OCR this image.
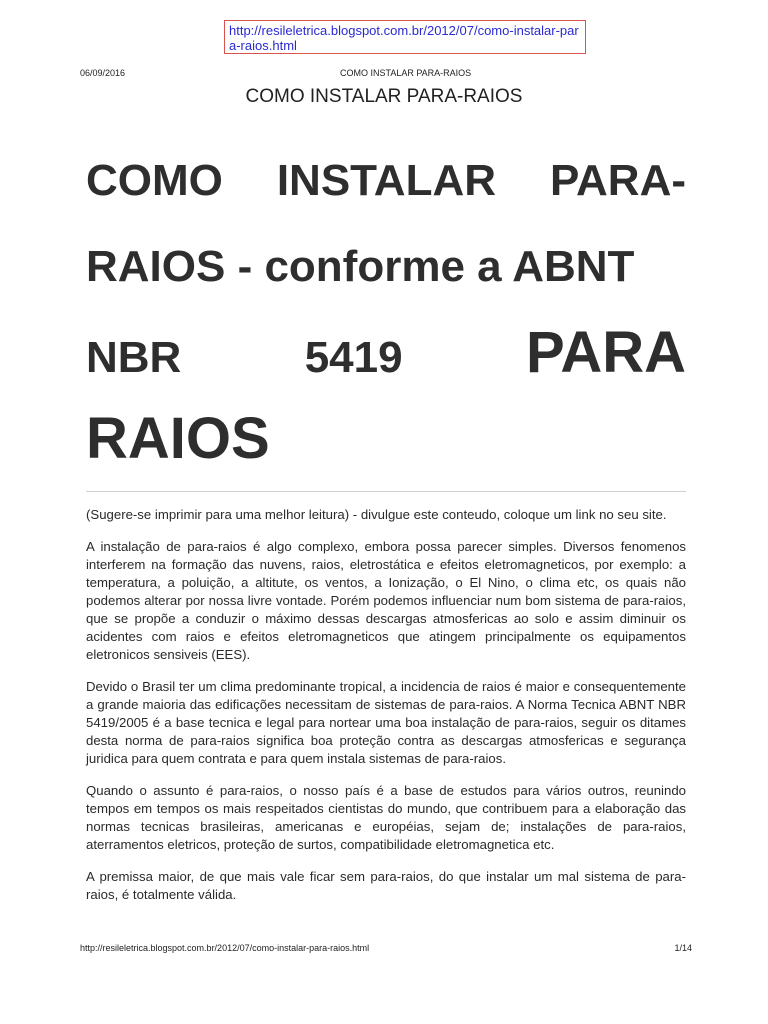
http://resileletrica.blogspot.com.br/2012/07/como-instalar-para-raios.html
06/09/2016	COMO INSTALAR PARA-RAIOS
COMO INSTALAR PARA-RAIOS
COMO INSTALAR PARA-
RAIOS - conforme a ABNT
NBR	5419 PARA
RAIOS

(Sugere-se imprimir para uma melhor leitura) - divulgue este conteudo, coloque um link no seu site.

A instalação de para-raios é algo complexo, embora possa parecer simples. Diversos fenomenos interferem na formação das nuvens, raios, eletrostática e efeitos eletromagneticos, por exemplo: a temperatura, a poluição, a altitute, os ventos, a Ionização, o El Nino, o clima etc, os quais não podemos alterar por nossa livre vontade. Porém podemos influenciar num bom sistema de para-raios, que se propõe a conduzir o máximo dessas descargas atmosfericas ao solo e assim diminuir os acidentes com raios e efeitos eletromagneticos que atingem principalmente os equipamentos eletronicos sensiveis (EES).

Devido o Brasil ter um clima predominante tropical, a incidencia de raios é maior e consequentemente a grande maioria das edificações necessitam de sistemas de para-raios. A Norma Tecnica ABNT NBR 5419/2005 é a base tecnica e legal para nortear uma boa instalação de para-raios, seguir os ditames desta norma de para-raios significa boa proteção contra as descargas atmosfericas e segurança juridica para quem contrata e para quem instala sistemas de para-raios.

Quando o assunto é para-raios, o nosso país é a base de estudos para vários outros, reunindo tempos em tempos os mais respeitados cientistas do mundo, que contribuem para a elaboração das normas tecnicas brasileiras, americanas e européias, sejam de; instalações de para-raios, aterramentos eletricos, proteção de surtos, compatibilidade eletromagnetica etc.

A premissa maior, de que mais vale ficar sem para-raios, do que instalar um mal sistema de para-raios, é totalmente válida.

http://resileletrica.blogspot.com.br/2012/07/como-instalar-para-raios.html	1/14
